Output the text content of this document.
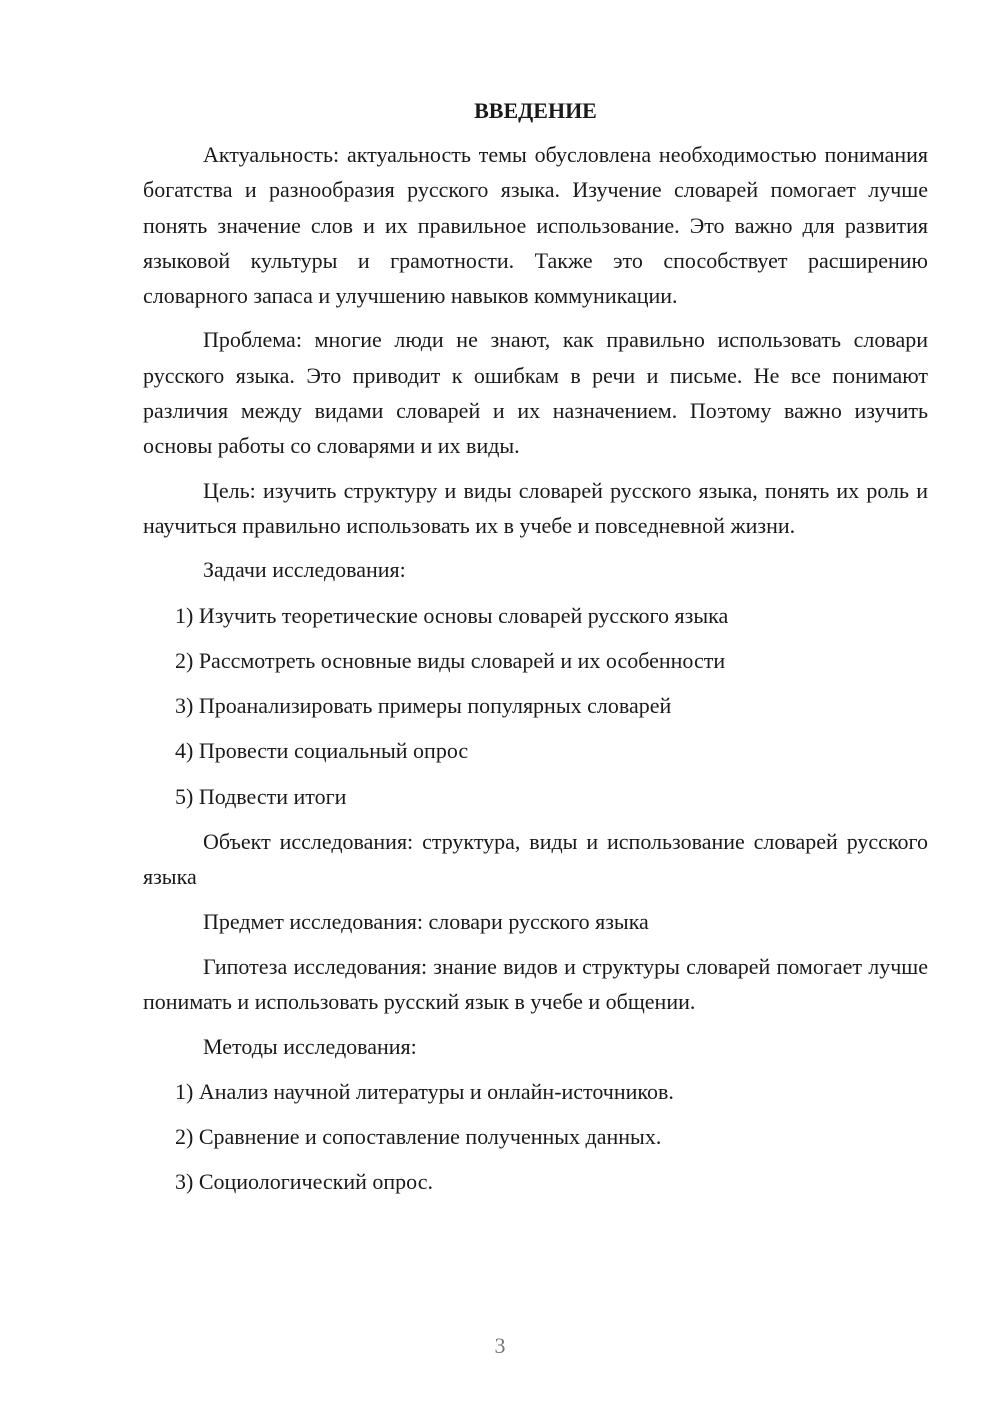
ВВЕДЕНИЕ

Актуальность: актуальность темы обусловлена необходимостью понимания богатства и разнообразия русского языка. Изучение словарей помогает лучше понять значение слов и их правильное использование. Это важно для развития языковой культуры и грамотности. Также это способствует расширению словарного запаса и улучшению навыков коммуникации.

Проблема: многие люди не знают, как правильно использовать словари русского языка. Это приводит к ошибкам в речи и письме. Не все понимают различия между видами словарей и их назначением. Поэтому важно изучить основы работы со словарями и их виды.

Цель: изучить структуру и виды словарей русского языка, понять их роль и научиться правильно использовать их в учебе и повседневной жизни.

Задачи исследования:

1) Изучить теоретические основы словарей русского языка
2) Рассмотреть основные виды словарей и их особенности
3) Проанализировать примеры популярных словарей
4) Провести социальный опрос
5) Подвести итоги

Объект исследования: структура, виды и использование словарей русского языка

Предмет исследования: словари русского языка

Гипотеза исследования: знание видов и структуры словарей помогает лучше понимать и использовать русский язык в учебе и общении.

Методы исследования:

1) Анализ научной литературы и онлайн-источников.
2) Сравнение и сопоставление полученных данных.
3) Социологический опрос.
3
